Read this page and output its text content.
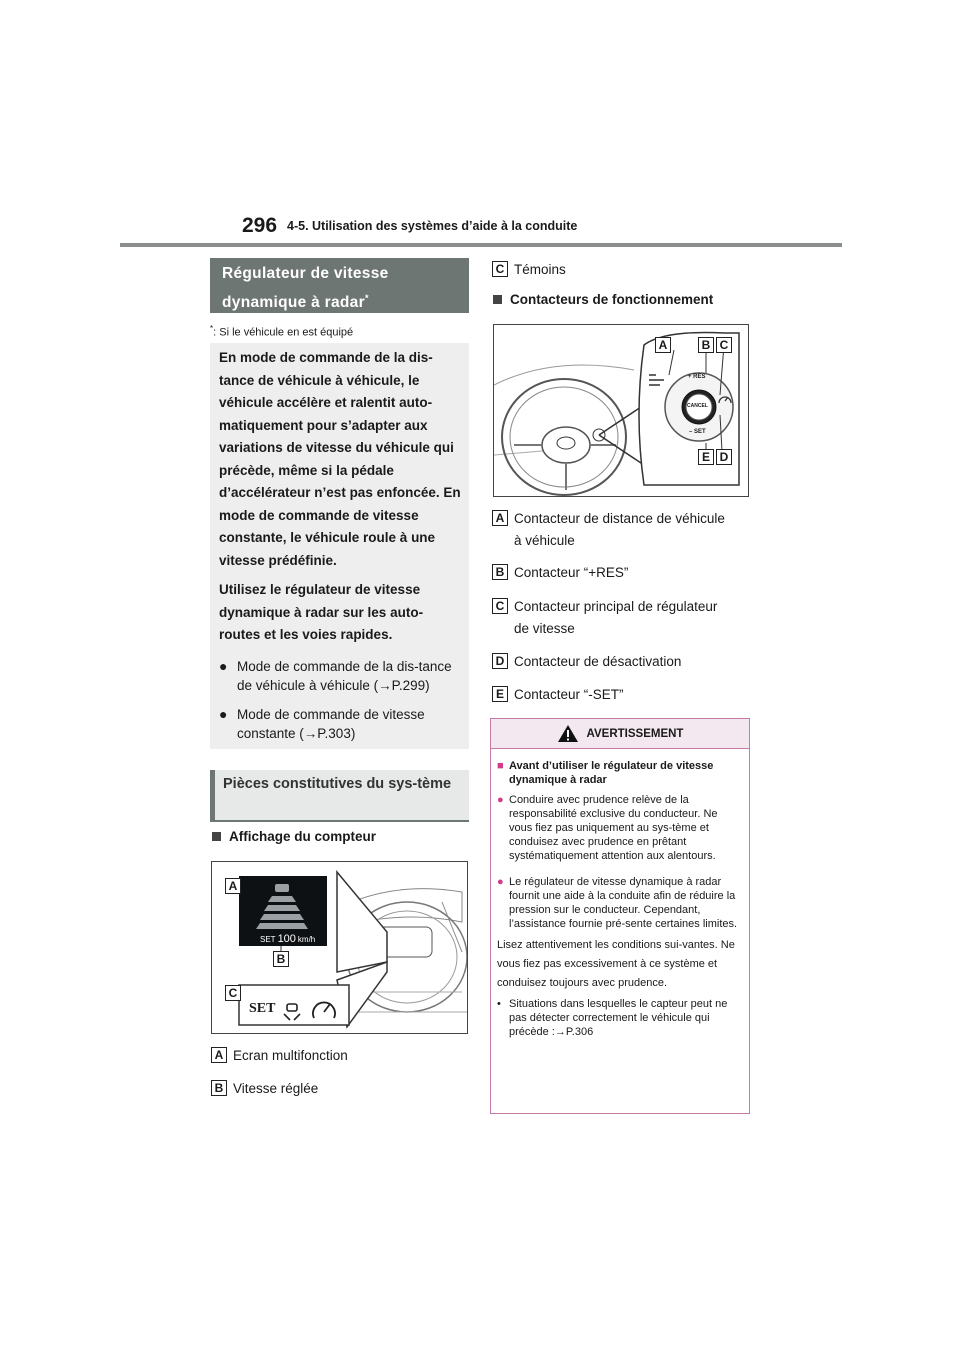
296 4-5. Utilisation des systèmes d’aide à la conduite
Régulateur de vitesse
dynamique à radar*
*: Si le véhicule en est équipé
En mode de commande de la dis-tance de véhicule à véhicule, le véhicule accélère et ralentit auto-matiquement pour s’adapter aux variations de vitesse du véhicule qui précède, même si la pédale d’accélérateur n’est pas enfoncée. En mode de commande de vitesse constante, le véhicule roule à une vitesse prédéfinie.
Utilisez le régulateur de vitesse dynamique à radar sur les auto-routes et les voies rapides.
● Mode de commande de la dis-tance de véhicule à véhicule (→P.299)
● Mode de commande de vitesse constante (→P.303)
Pièces constitutives du sys-tème
Affichage du compteur
A
B
C
SET 100 km/h
SET
A Ecran multifonction
B Vitesse réglée
C Témoins
Contacteurs de fonctionnement
+ RES
CANCEL
– SET
A	B C
E D
A Contacteur de distance de véhicule
à véhicule
B Contacteur “+RES”
C Contacteur principal de régulateur
de vitesse
D Contacteur de désactivation
E Contacteur “-SET”
AVERTISSEMENT
■ Avant d’utiliser le régulateur de vitesse dynamique à radar
● Conduire avec prudence relève de la responsabilité exclusive du conducteur. Ne vous fiez pas uniquement au sys-tème et conduisez avec prudence en prêtant systématiquement attention aux alentours.
● Le régulateur de vitesse dynamique à radar fournit une aide à la conduite afin de réduire la pression sur le conducteur. Cependant, l’assistance fournie pré-sente certaines limites.
Lisez attentivement les conditions sui-vantes. Ne vous fiez pas excessivement à ce système et conduisez toujours avec prudence.
• Situations dans lesquelles le capteur peut ne pas détecter correctement le véhicule qui précède :→P.306
